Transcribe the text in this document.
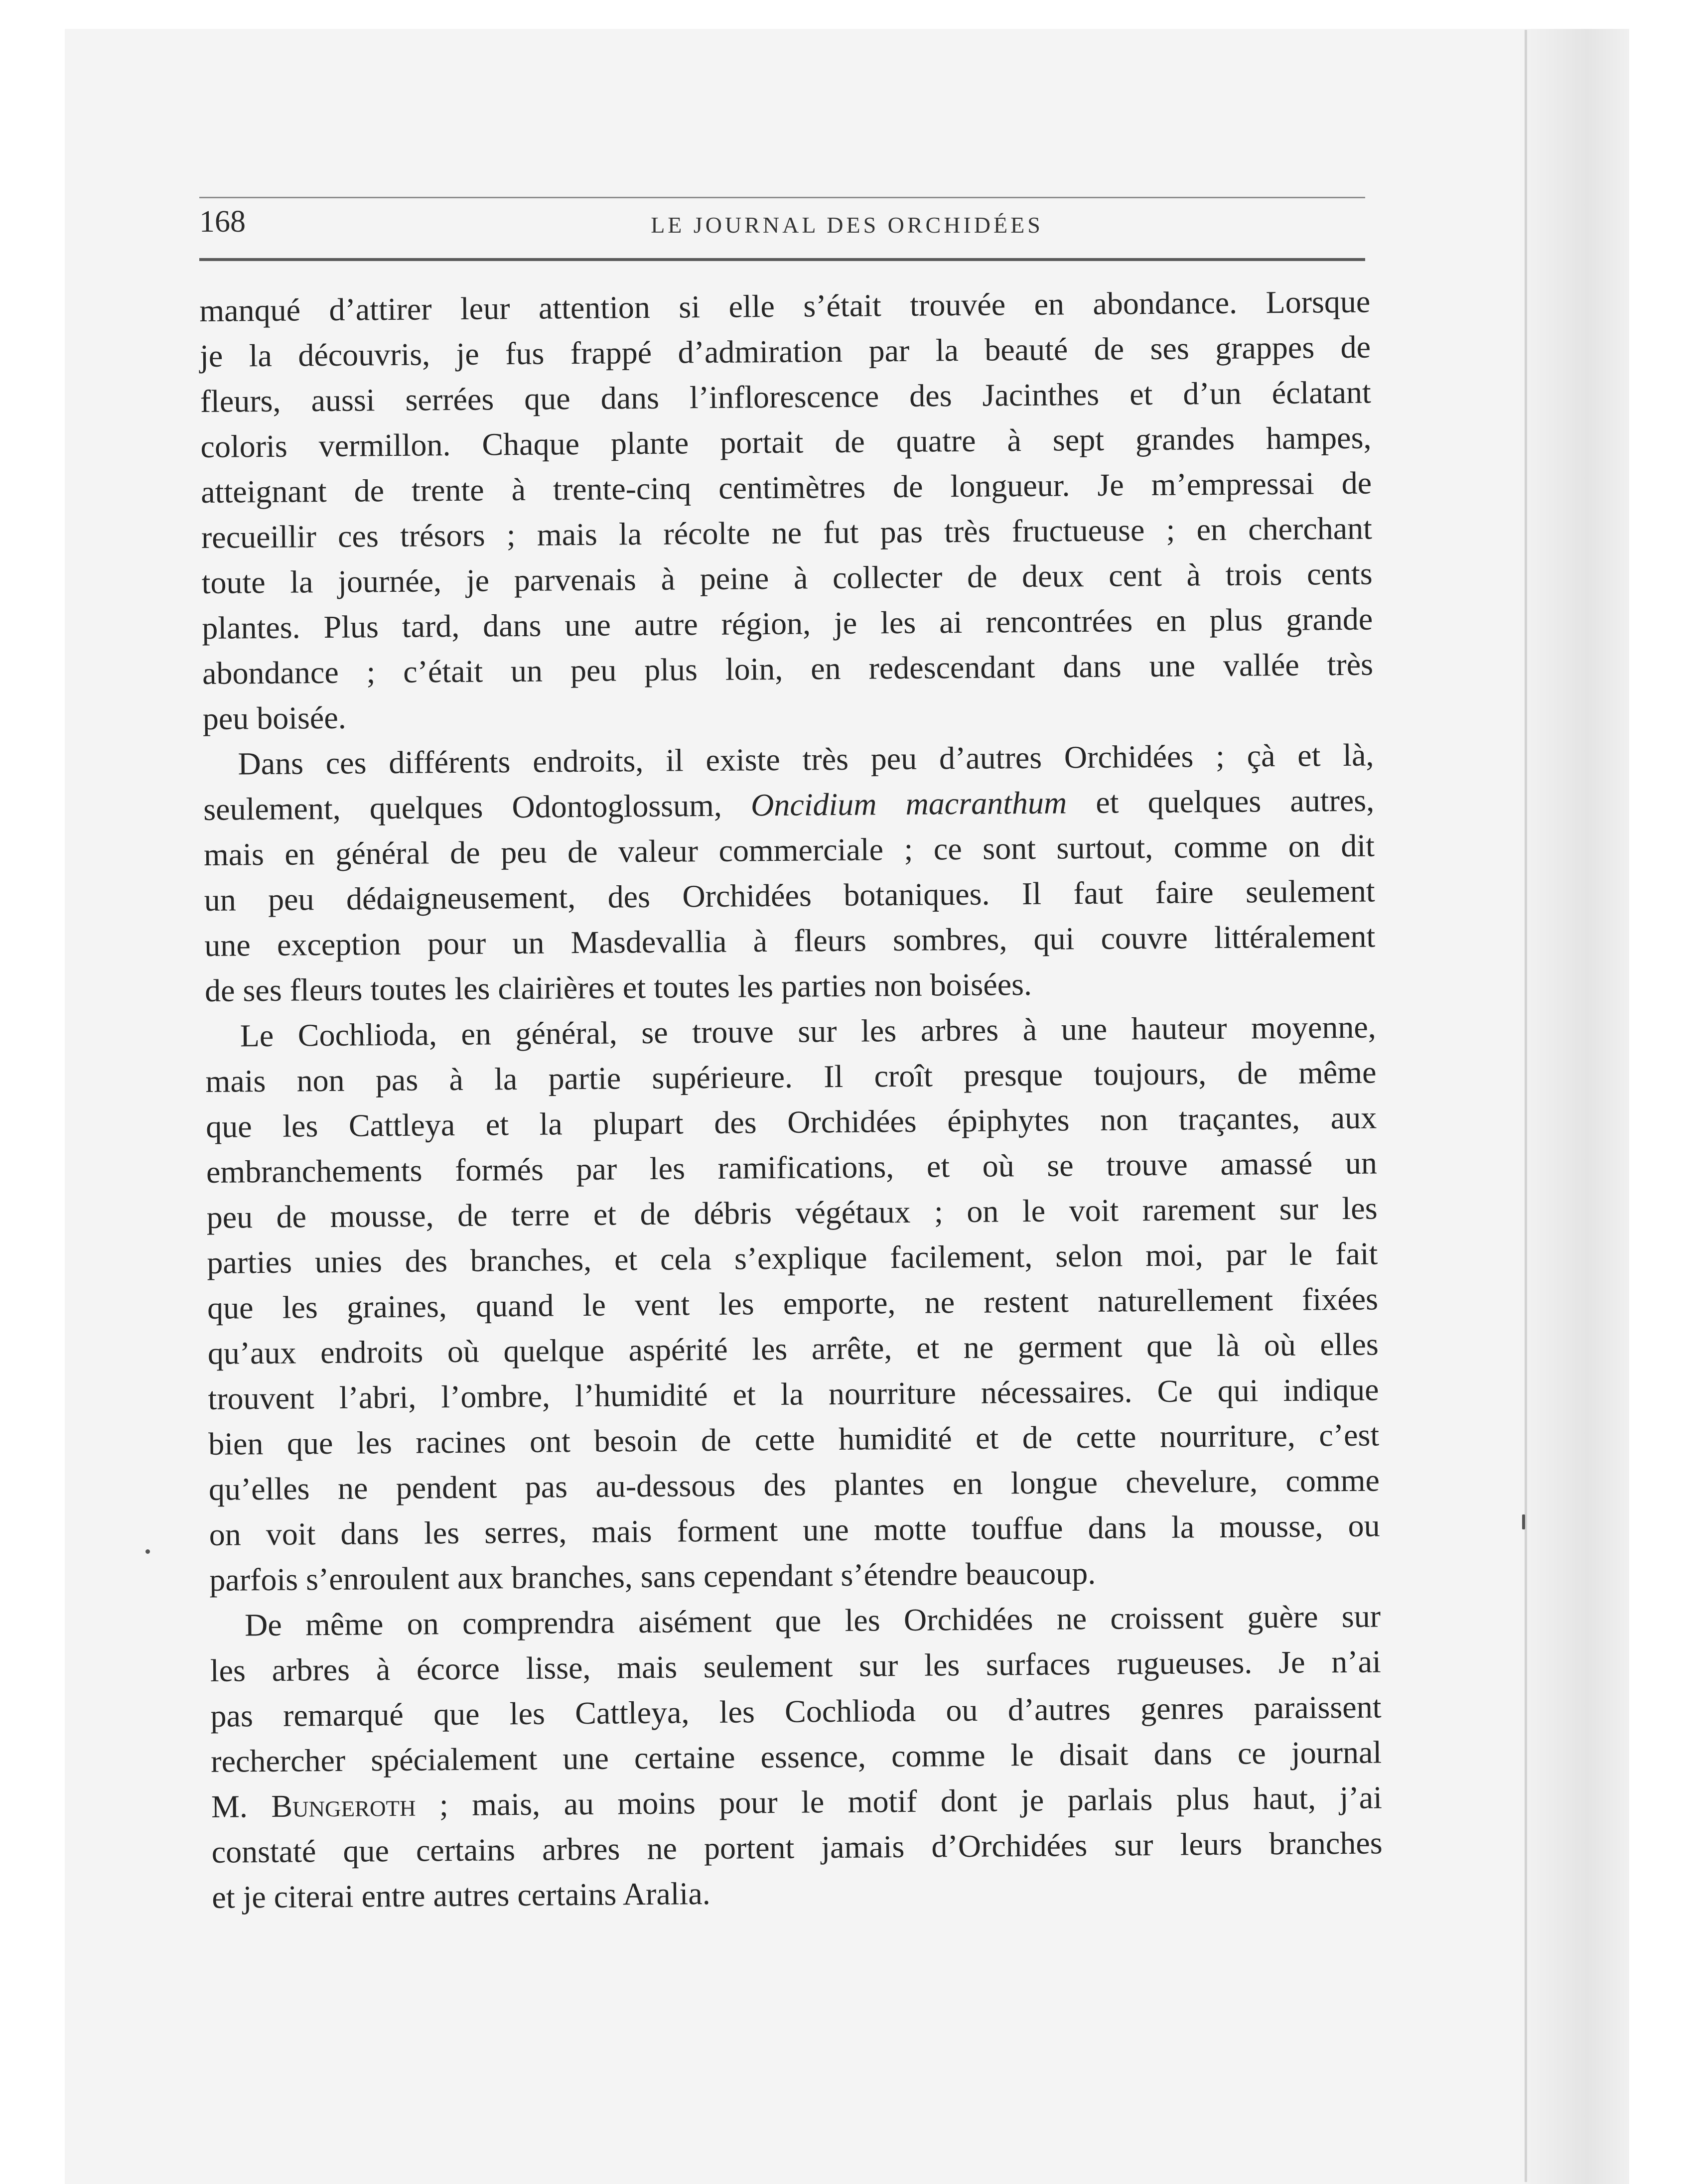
168	LE JOURNAL DES ORCHIDÉES
manqué d’attirer leur attention si elle s’était trouvée en abondance. Lorsque
je la découvris, je fus frappé d’admiration par la beauté de ses grappes de
fleurs, aussi serrées que dans l’inflorescence des Jacinthes et d’un éclatant
coloris vermillon. Chaque plante portait de quatre à sept grandes hampes,
atteignant de trente à trente-cinq centimètres de longueur. Je m’empressai de
recueillir ces trésors ; mais la récolte ne fut pas très fructueuse ; en cherchant
toute la journée, je parvenais à peine à collecter de deux cent à trois cents
plantes. Plus tard, dans une autre région, je les ai rencontrées en plus grande
abondance ; c’était un peu plus loin, en redescendant dans une vallée très
peu boisée.
Dans ces différents endroits, il existe très peu d’autres Orchidées ; çà et là,
seulement, quelques Odontoglossum, Oncidium macranthum et quelques autres,
mais en général de peu de valeur commerciale ; ce sont surtout, comme on dit
un peu dédaigneusement, des Orchidées botaniques. Il faut faire seulement
une exception pour un Masdevallia à fleurs sombres, qui couvre littéralement
de ses fleurs toutes les clairières et toutes les parties non boisées.
Le Cochlioda, en général, se trouve sur les arbres à une hauteur moyenne,
mais non pas à la partie supérieure. Il croît presque toujours, de même
que les Cattleya et la plupart des Orchidées épiphytes non traçantes, aux
embranchements formés par les ramifications, et où se trouve amassé un
peu de mousse, de terre et de débris végétaux ; on le voit rarement sur les
parties unies des branches, et cela s’explique facilement, selon moi, par le fait
que les graines, quand le vent les emporte, ne restent naturellement fixées
qu’aux endroits où quelque aspérité les arrête, et ne germent que là où elles
trouvent l’abri, l’ombre, l’humidité et la nourriture nécessaires. Ce qui indique
bien que les racines ont besoin de cette humidité et de cette nourriture, c’est
qu’elles ne pendent pas au-dessous des plantes en longue chevelure, comme
on voit dans les serres, mais forment une motte touffue dans la mousse, ou
parfois s’enroulent aux branches, sans cependant s’étendre beaucoup.
De même on comprendra aisément que les Orchidées ne croissent guère sur
les arbres à écorce lisse, mais seulement sur les surfaces rugueuses. Je n’ai
pas remarqué que les Cattleya, les Cochlioda ou d’autres genres paraissent
rechercher spécialement une certaine essence, comme le disait dans ce journal
M. Bungeroth ; mais, au moins pour le motif dont je parlais plus haut, j’ai
constaté que certains arbres ne portent jamais d’Orchidées sur leurs branches
et je citerai entre autres certains Aralia.
